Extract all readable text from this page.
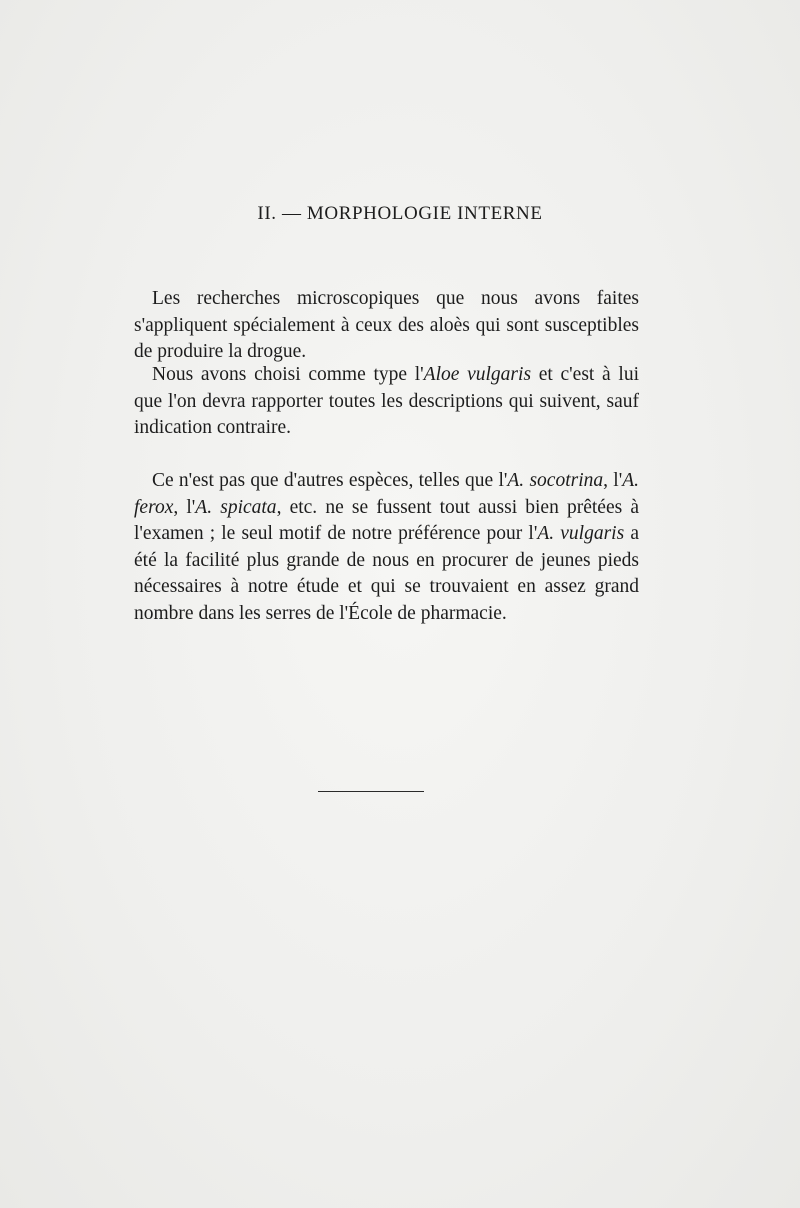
II. — MORPHOLOGIE INTERNE

Les recherches microscopiques que nous avons faites s'appliquent spécialement à ceux des aloès qui sont susceptibles de produire la drogue.

Nous avons choisi comme type l'Aloe vulgaris et c'est à lui que l'on devra rapporter toutes les descriptions qui suivent, sauf indication contraire.

Ce n'est pas que d'autres espèces, telles que l'A. socotrina, l'A. ferox, l'A. spicata, etc. ne se fussent tout aussi bien prêtées à l'examen ; le seul motif de notre préférence pour l'A. vulgaris a été la facilité plus grande de nous en procurer de jeunes pieds nécessaires à notre étude et qui se trouvaient en assez grand nombre dans les serres de l'École de pharmacie.
